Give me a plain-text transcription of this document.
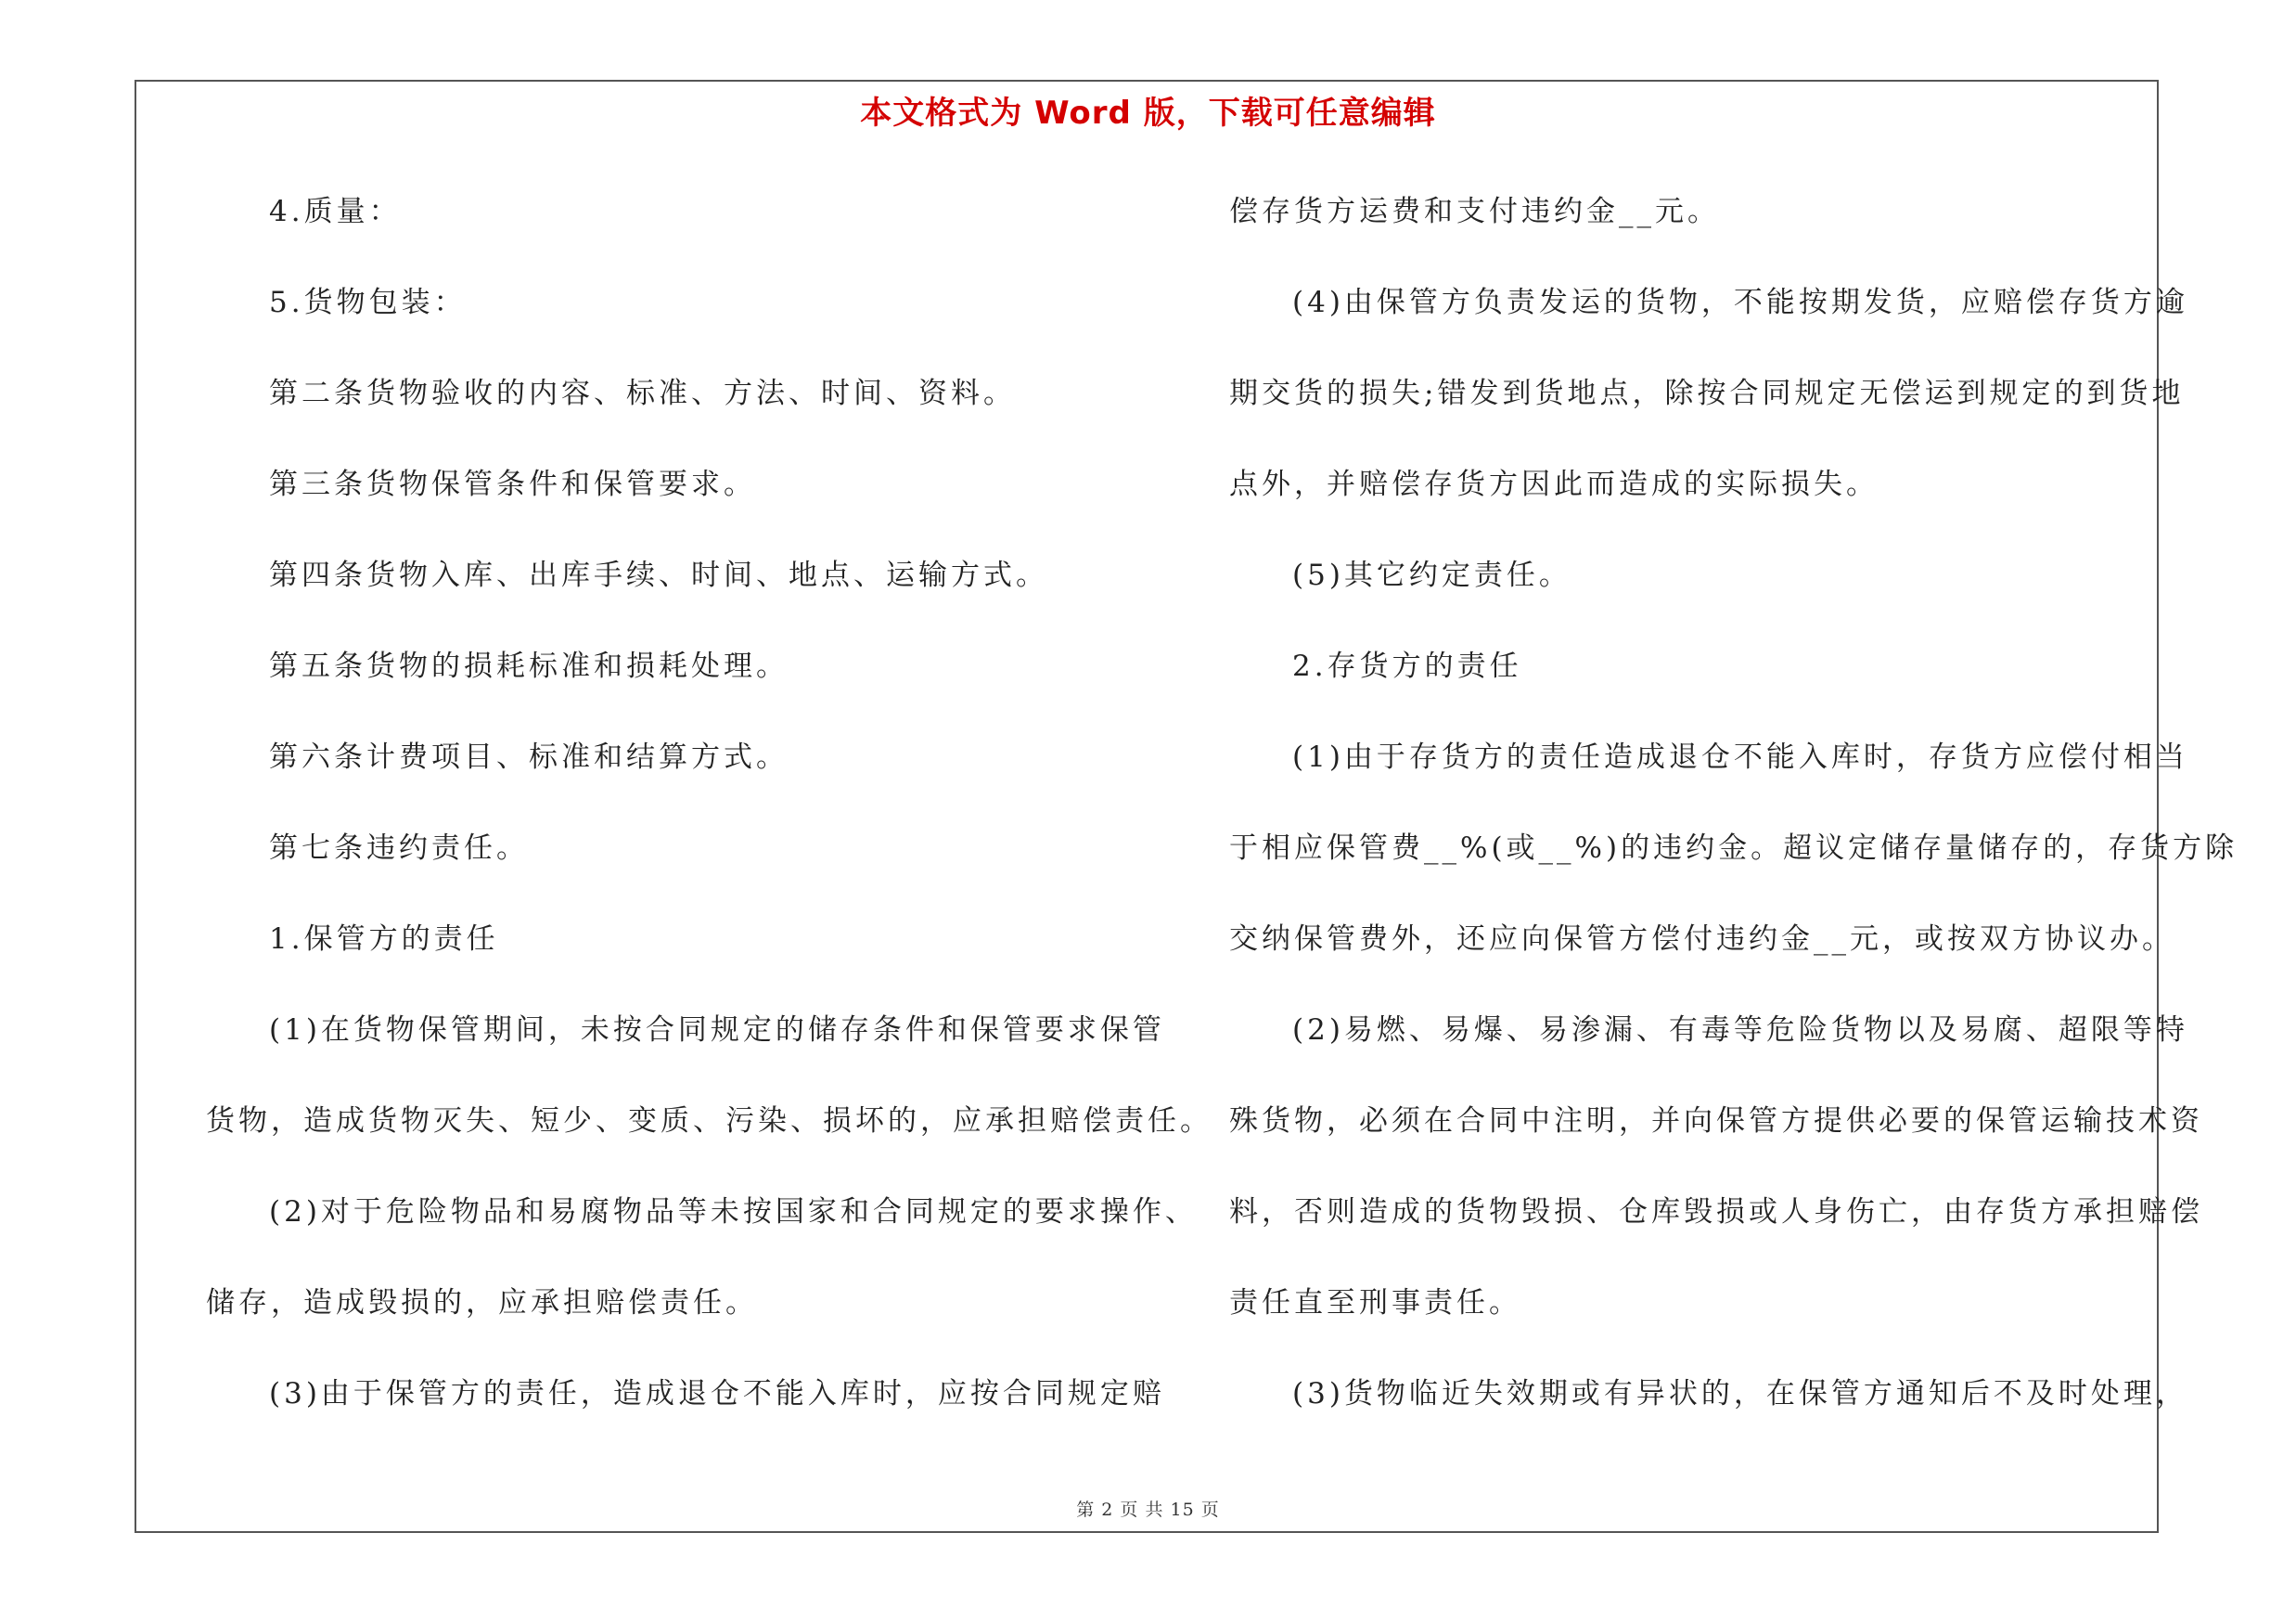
本文格式为 Word 版，下载可任意编辑
4.质量：
5.货物包装：
第二条货物验收的内容、标准、方法、时间、资料。
第三条货物保管条件和保管要求。
第四条货物入库、出库手续、时间、地点、运输方式。
第五条货物的损耗标准和损耗处理。
第六条计费项目、标准和结算方式。
第七条违约责任。
1.保管方的责任
(1)在货物保管期间，未按合同规定的储存条件和保管要求保管
货物，造成货物灭失、短少、变质、污染、损坏的，应承担赔偿责任。
(2)对于危险物品和易腐物品等未按国家和合同规定的要求操作、
储存，造成毁损的，应承担赔偿责任。
(3)由于保管方的责任，造成退仓不能入库时，应按合同规定赔
偿存货方运费和支付违约金__元。
(4)由保管方负责发运的货物，不能按期发货，应赔偿存货方逾
期交货的损失;错发到货地点，除按合同规定无偿运到规定的到货地
点外，并赔偿存货方因此而造成的实际损失。
(5)其它约定责任。
2.存货方的责任
(1)由于存货方的责任造成退仓不能入库时，存货方应偿付相当
于相应保管费__%(或__%)的违约金。超议定储存量储存的，存货方除
交纳保管费外，还应向保管方偿付违约金__元，或按双方协议办。
(2)易燃、易爆、易渗漏、有毒等危险货物以及易腐、超限等特
殊货物，必须在合同中注明，并向保管方提供必要的保管运输技术资
料，否则造成的货物毁损、仓库毁损或人身伤亡，由存货方承担赔偿
责任直至刑事责任。
(3)货物临近失效期或有异状的，在保管方通知后不及时处理，
第 2 页 共 15 页
